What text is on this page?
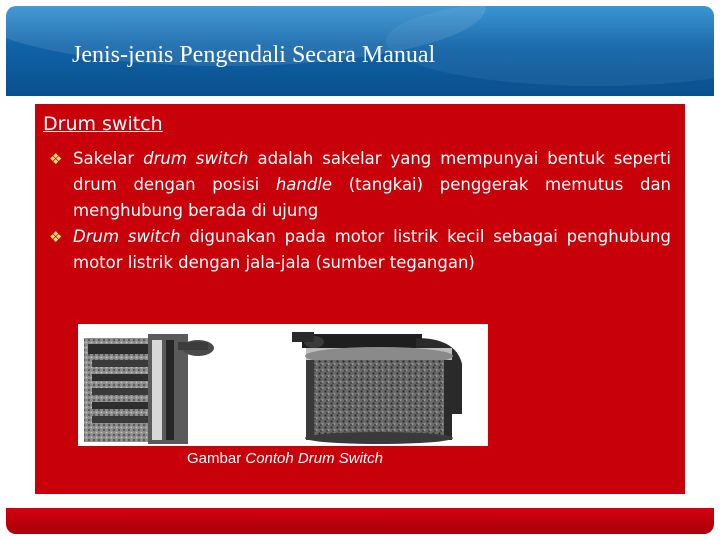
Jenis-jenis Pengendali Secara Manual
Drum switch
❖ Sakelar drum switch adalah sakelar yang mempunyai bentuk seperti drum dengan posisi handle (tangkai) penggerak memutus dan menghubung berada di ujung
❖ Drum switch digunakan pada motor listrik kecil sebagai penghubung motor listrik dengan jala-jala (sumber tegangan)
Gambar Contoh Drum Switch
